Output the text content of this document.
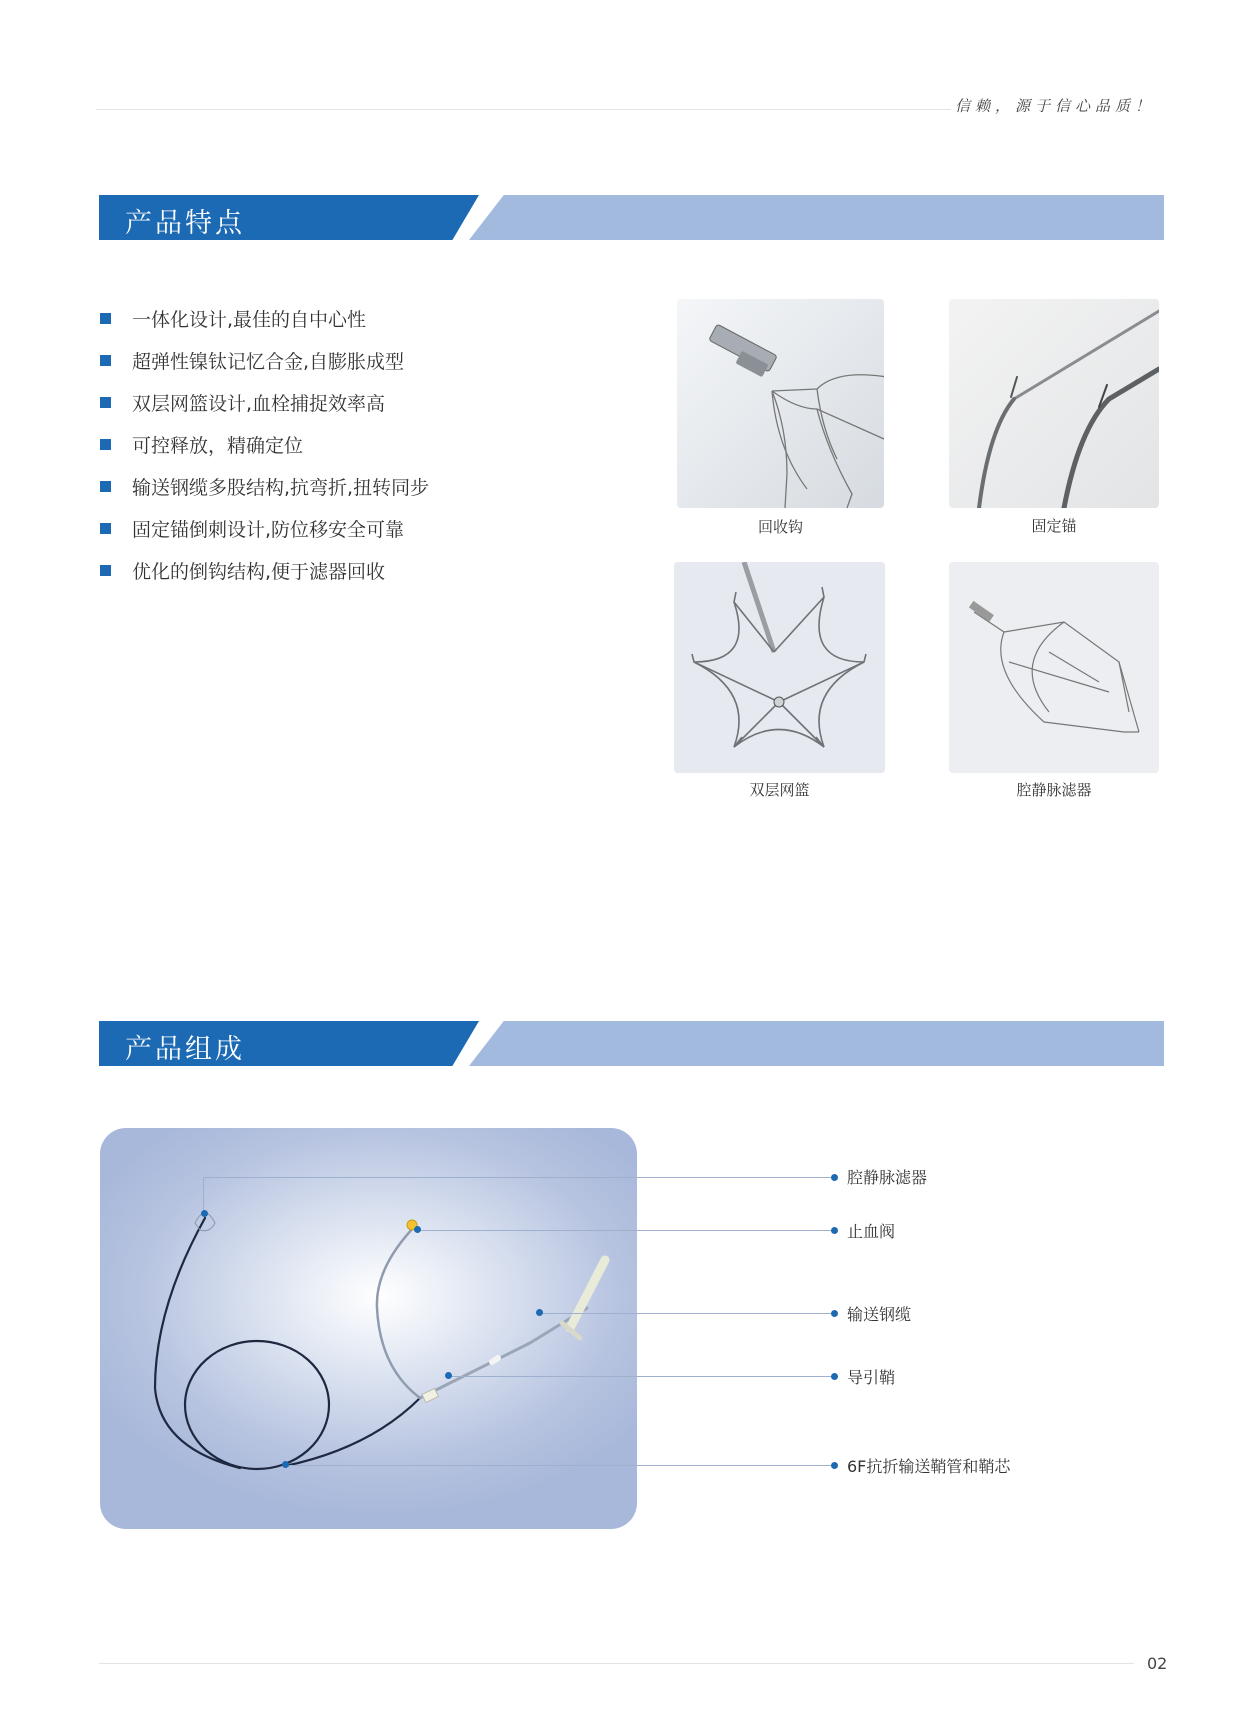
信赖，源于信心品质！
产品特点
一体化设计,最佳的自中心性
超弹性镍钛记忆合金,自膨胀成型
双层网篮设计,血栓捕捉效率高
可控释放，精确定位
输送钢缆多股结构,抗弯折,扭转同步
固定锚倒刺设计,防位移安全可靠
优化的倒钩结构,便于滤器回收
回收钩	固定锚
双层网篮	腔静脉滤器
产品组成
腔静脉滤器
止血阀
输送钢缆
导引鞘
6F抗折输送鞘管和鞘芯
02
